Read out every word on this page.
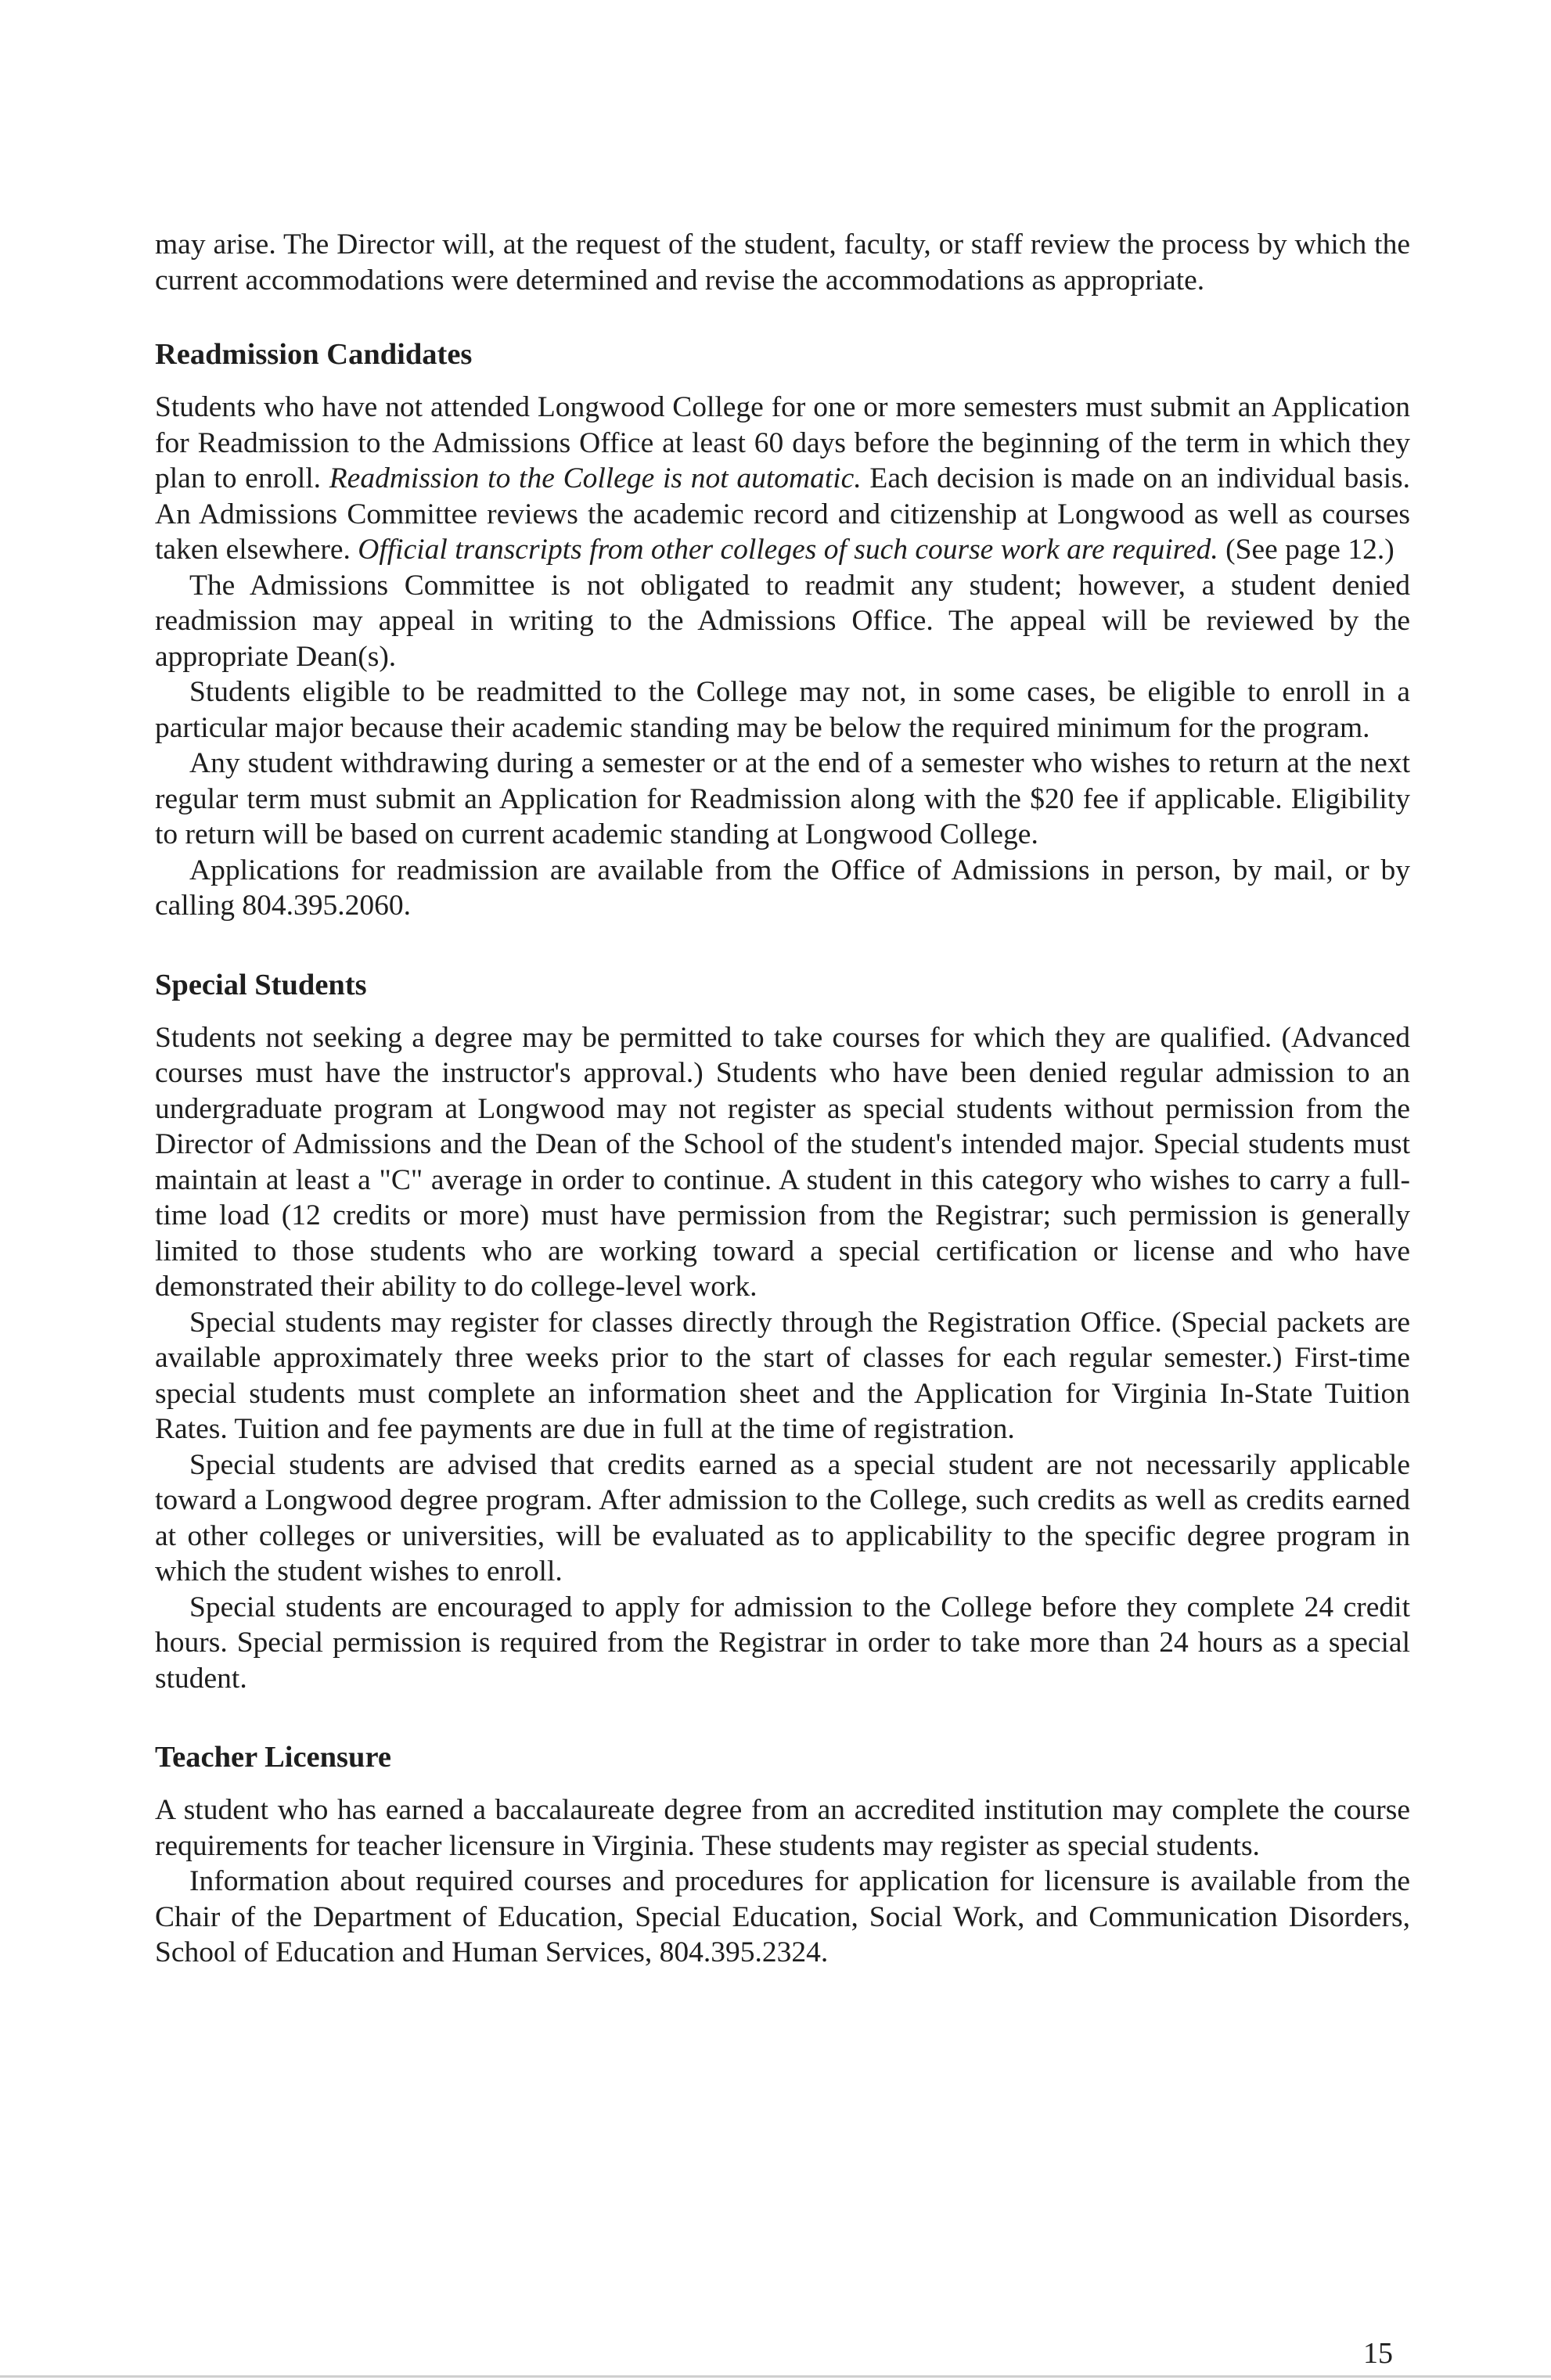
may arise. The Director will, at the request of the student, faculty, or staff review the process by which the current accommodations were determined and revise the accommodations as appropriate.

Readmission Candidates

Students who have not attended Longwood College for one or more semesters must submit an Application for Readmission to the Admissions Office at least 60 days before the beginning of the term in which they plan to enroll. Readmission to the College is not automatic. Each decision is made on an individual basis. An Admissions Committee reviews the academic record and citizenship at Longwood as well as courses taken elsewhere. Official transcripts from other colleges of such course work are required. (See page 12.)

The Admissions Committee is not obligated to readmit any student; however, a student denied readmission may appeal in writing to the Admissions Office. The appeal will be reviewed by the appropriate Dean(s).

Students eligible to be readmitted to the College may not, in some cases, be eligible to enroll in a particular major because their academic standing may be below the required minimum for the program.

Any student withdrawing during a semester or at the end of a semester who wishes to return at the next regular term must submit an Application for Readmission along with the $20 fee if applicable. Eligibility to return will be based on current academic standing at Longwood College.

Applications for readmission are available from the Office of Admissions in person, by mail, or by calling 804.395.2060.

Special Students

Students not seeking a degree may be permitted to take courses for which they are qualified. (Advanced courses must have the instructor's approval.) Students who have been denied regular admission to an undergraduate program at Longwood may not register as special students without permission from the Director of Admissions and the Dean of the School of the student's intended major. Special students must maintain at least a "C" average in order to continue. A student in this category who wishes to carry a full-time load (12 credits or more) must have permission from the Registrar; such permission is generally limited to those students who are working toward a special certification or license and who have demonstrated their ability to do college-level work.

Special students may register for classes directly through the Registration Office. (Special packets are available approximately three weeks prior to the start of classes for each regular semester.) First-time special students must complete an information sheet and the Application for Virginia In-State Tuition Rates. Tuition and fee payments are due in full at the time of registration.

Special students are advised that credits earned as a special student are not necessarily applicable toward a Longwood degree program. After admission to the College, such credits as well as credits earned at other colleges or universities, will be evaluated as to applicability to the specific degree program in which the student wishes to enroll.

Special students are encouraged to apply for admission to the College before they complete 24 credit hours. Special permission is required from the Registrar in order to take more than 24 hours as a special student.

Teacher Licensure

A student who has earned a baccalaureate degree from an accredited institution may complete the course requirements for teacher licensure in Virginia. These students may register as special students.

Information about required courses and procedures for application for licensure is available from the Chair of the Department of Education, Special Education, Social Work, and Communication Disorders, School of Education and Human Services, 804.395.2324.

15
